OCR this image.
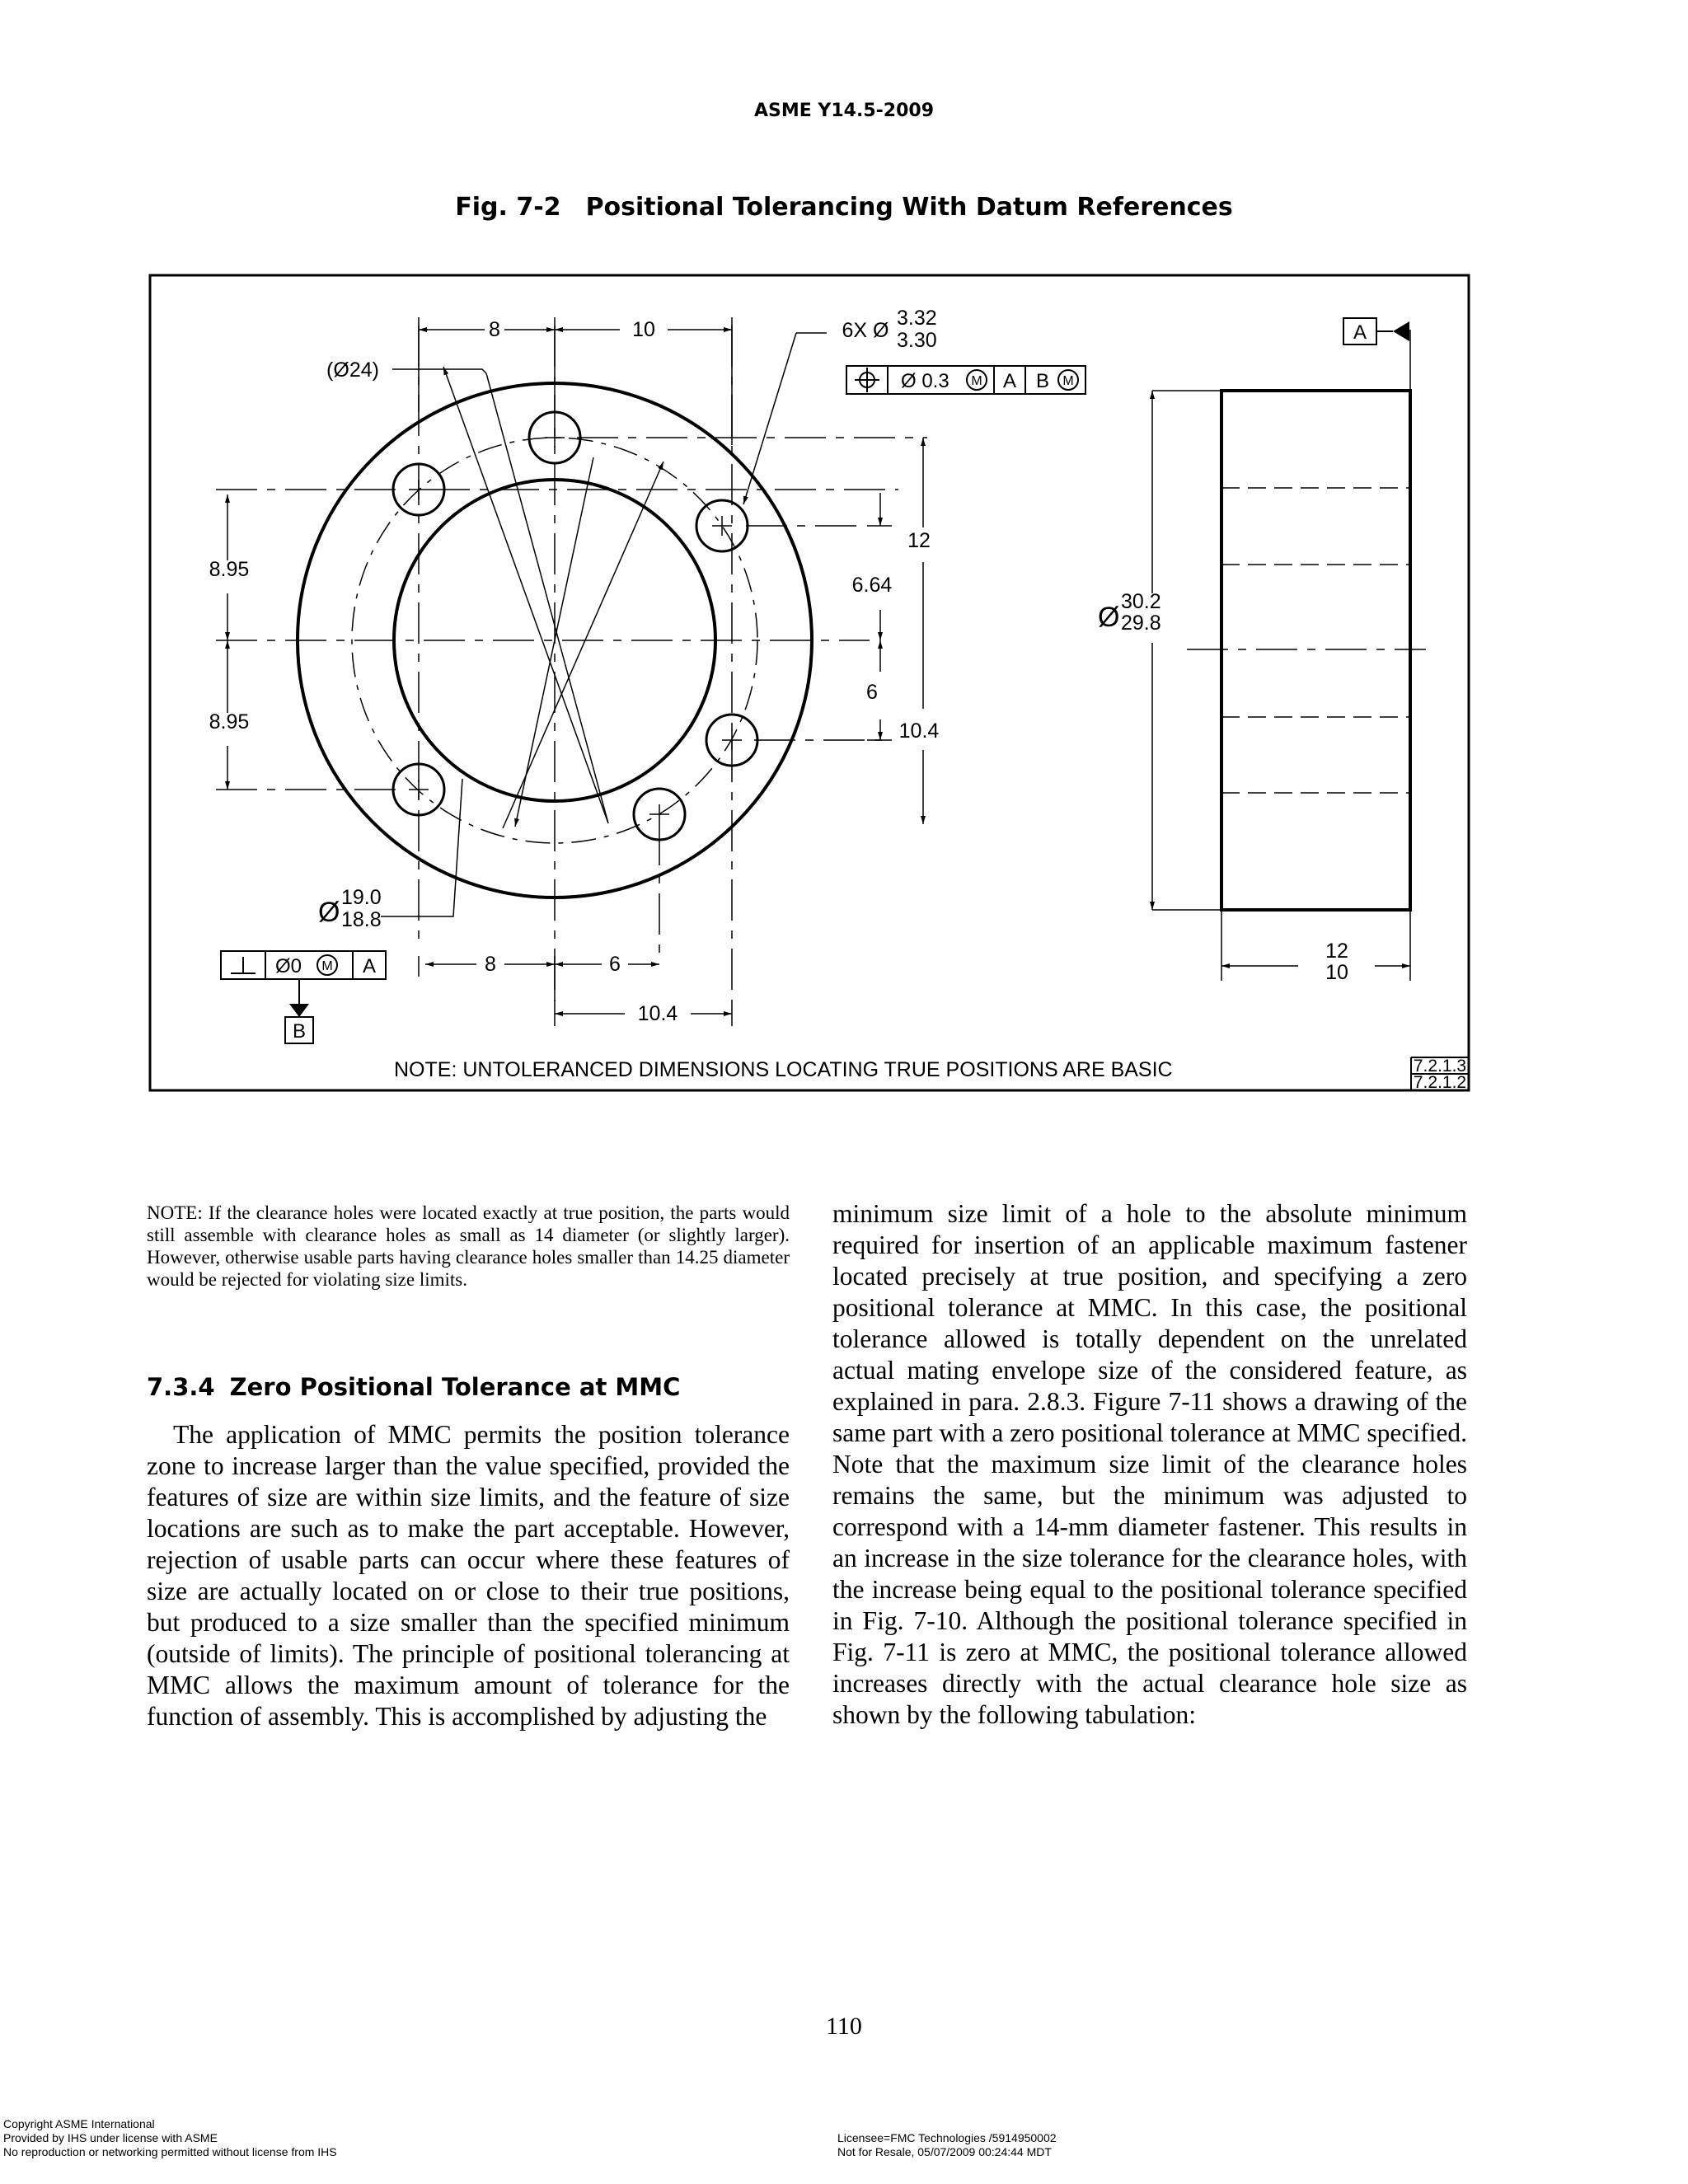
ASME Y14.5-2009
Fig. 7-2 Positional Tolerancing With Datum References
A
Ø 0.3 M A B M
Ø0 M A
B
8	10
(Ø24)
6X Ø
3.32
3.30
8.95
8.95
12
6.64
6
10.4
Ø 30.2
29.8
Ø 19.0
18.8
8	6
10.4
12
10
NOTE: UNTOLERANCED DIMENSIONS LOCATING TRUE POSITIONS ARE BASIC	7.2.1.3
7.2.1.2
NOTE: If the clearance holes were located exactly at true position, the parts would still assemble with clearance holes as small as 14 diameter (or slightly larger). However, otherwise usable parts having clearance holes smaller than 14.25 diameter would be rejected for violating size limits.
7.3.4 Zero Positional Tolerance at MMC

The application of MMC permits the position tolerance zone to increase larger than the value specified, provided the features of size are within size limits, and the feature of size locations are such as to make the part acceptable. However, rejection of usable parts can occur where these features of size are actually located on or close to their true positions, but produced to a size smaller than the specified minimum (outside of limits). The principle of positional tolerancing at MMC allows the maximum amount of tolerance for the function of assembly. This is accomplished by adjusting the

minimum size limit of a hole to the absolute minimum required for insertion of an applicable maximum fastener located precisely at true position, and specifying a zero positional tolerance at MMC. In this case, the positional tolerance allowed is totally dependent on the unrelated actual mating envelope size of the considered feature, as explained in para. 2.8.3. Figure 7-11 shows a drawing of the same part with a zero positional tolerance at MMC specified. Note that the maximum size limit of the clearance holes remains the same, but the minimum was adjusted to correspond with a 14-mm diameter fastener. This results in an increase in the size tolerance for the clearance holes, with the increase being equal to the positional tolerance specified in Fig. 7-10. Although the positional tolerance specified in Fig. 7-11 is zero at MMC, the positional tolerance allowed increases directly with the actual clearance hole size as shown by the following tabulation:

110
Copyright ASME International
Provided by IHS under license with ASME
No reproduction or networking permitted without license from IHS
Licensee=FMC Technologies /5914950002
Not for Resale, 05/07/2009 00:24:44 MDT
